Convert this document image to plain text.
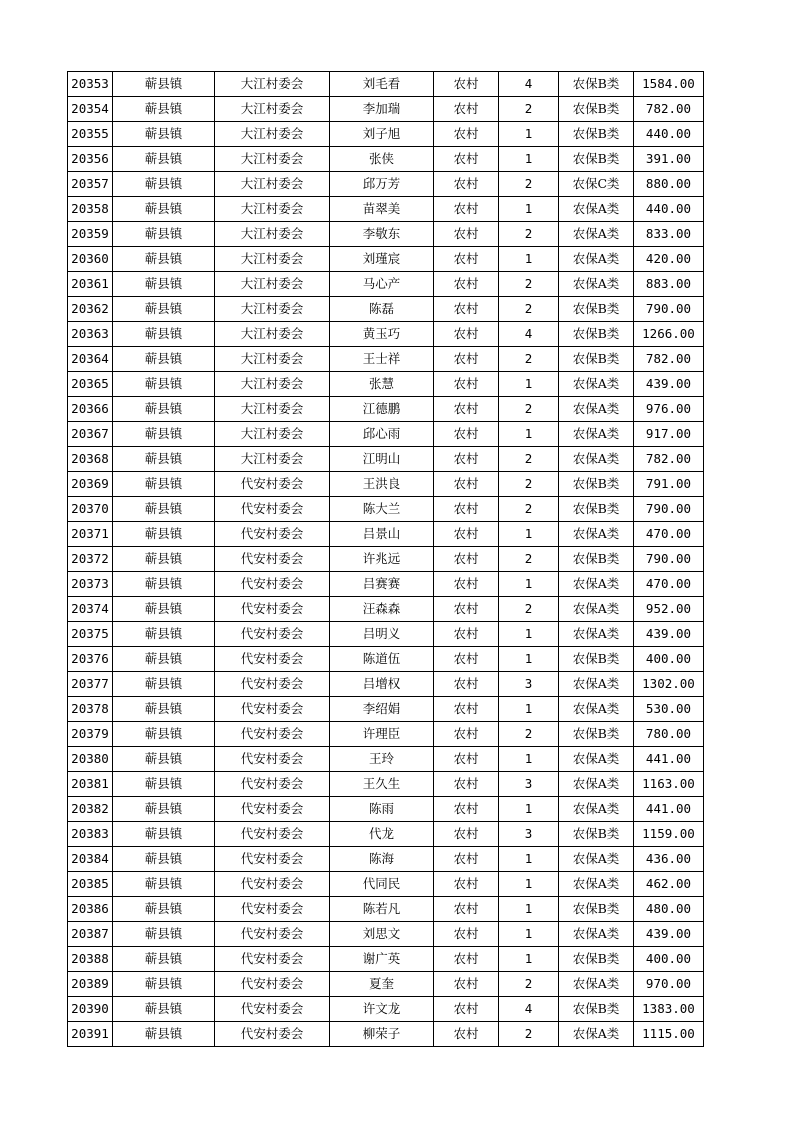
20353	蕲县镇	大江村委会	刘毛看	农村	4	农保B类	1584.00
20354	蕲县镇	大江村委会	李加瑞	农村	2	农保B类	782.00
20355	蕲县镇	大江村委会	刘子旭	农村	1	农保B类	440.00
20356	蕲县镇	大江村委会	张侠	农村	1	农保B类	391.00
20357	蕲县镇	大江村委会	邱万芳	农村	2	农保C类	880.00
20358	蕲县镇	大江村委会	苗翠美	农村	1	农保A类	440.00
20359	蕲县镇	大江村委会	李敬东	农村	2	农保A类	833.00
20360	蕲县镇	大江村委会	刘瑾宸	农村	1	农保A类	420.00
20361	蕲县镇	大江村委会	马心产	农村	2	农保A类	883.00
20362	蕲县镇	大江村委会	陈磊	农村	2	农保B类	790.00
20363	蕲县镇	大江村委会	黄玉巧	农村	4	农保B类	1266.00
20364	蕲县镇	大江村委会	王士祥	农村	2	农保B类	782.00
20365	蕲县镇	大江村委会	张慧	农村	1	农保A类	439.00
20366	蕲县镇	大江村委会	江德鹏	农村	2	农保A类	976.00
20367	蕲县镇	大江村委会	邱心雨	农村	1	农保A类	917.00
20368	蕲县镇	大江村委会	江明山	农村	2	农保A类	782.00
20369	蕲县镇	代安村委会	王洪良	农村	2	农保B类	791.00
20370	蕲县镇	代安村委会	陈大兰	农村	2	农保B类	790.00
20371	蕲县镇	代安村委会	吕景山	农村	1	农保A类	470.00
20372	蕲县镇	代安村委会	许兆远	农村	2	农保B类	790.00
20373	蕲县镇	代安村委会	吕赛赛	农村	1	农保A类	470.00
20374	蕲县镇	代安村委会	汪森森	农村	2	农保A类	952.00
20375	蕲县镇	代安村委会	吕明义	农村	1	农保A类	439.00
20376	蕲县镇	代安村委会	陈道伍	农村	1	农保B类	400.00
20377	蕲县镇	代安村委会	吕增权	农村	3	农保A类	1302.00
20378	蕲县镇	代安村委会	李绍娟	农村	1	农保A类	530.00
20379	蕲县镇	代安村委会	许理臣	农村	2	农保B类	780.00
20380	蕲县镇	代安村委会	王玲	农村	1	农保A类	441.00
20381	蕲县镇	代安村委会	王久生	农村	3	农保A类	1163.00
20382	蕲县镇	代安村委会	陈雨	农村	1	农保A类	441.00
20383	蕲县镇	代安村委会	代龙	农村	3	农保B类	1159.00
20384	蕲县镇	代安村委会	陈海	农村	1	农保A类	436.00
20385	蕲县镇	代安村委会	代同民	农村	1	农保A类	462.00
20386	蕲县镇	代安村委会	陈若凡	农村	1	农保B类	480.00
20387	蕲县镇	代安村委会	刘思文	农村	1	农保A类	439.00
20388	蕲县镇	代安村委会	谢广英	农村	1	农保B类	400.00
20389	蕲县镇	代安村委会	夏奎	农村	2	农保A类	970.00
20390	蕲县镇	代安村委会	许文龙	农村	4	农保B类	1383.00
20391	蕲县镇	代安村委会	柳荣子	农村	2	农保A类	1115.00
